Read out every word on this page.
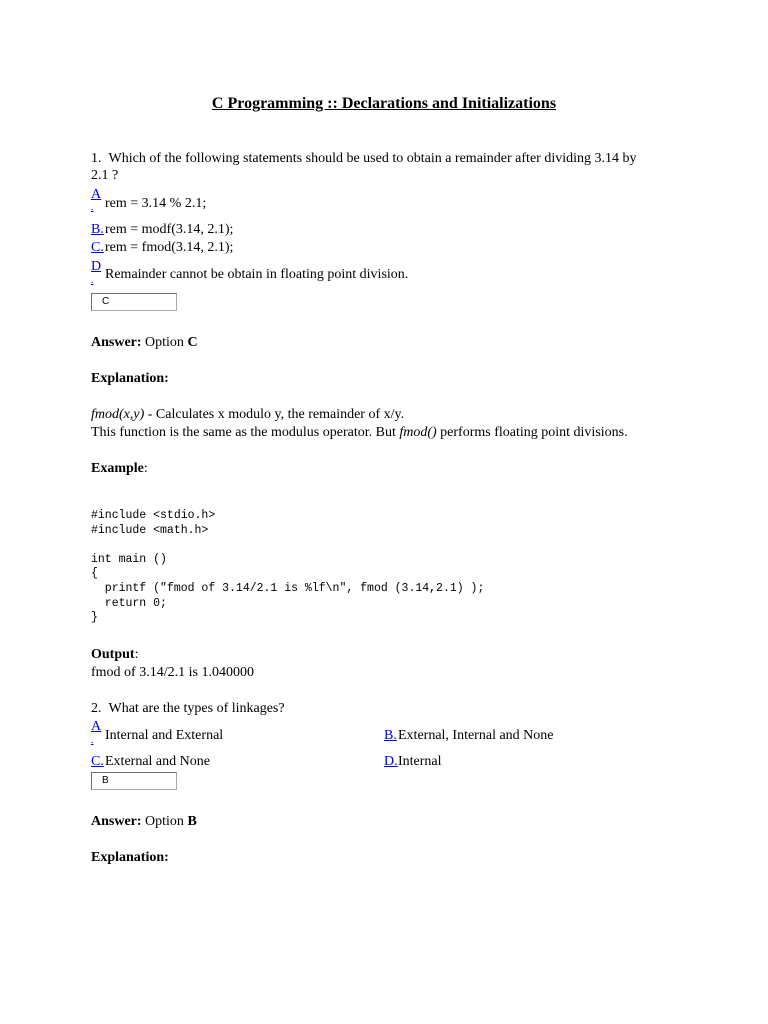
C Programming :: Declarations and Initializations
1. Which of the following statements should be used to obtain a remainder after dividing 3.14 by
2.1 ?
A
. rem = 3.14 % 2.1;
B. rem = modf(3.14, 2.1);
C. rem = fmod(3.14, 2.1);
D
. Remainder cannot be obtain in floating point division.
C
Answer: Option C
Explanation:
fmod(x,y) - Calculates x modulo y, the remainder of x/y.
This function is the same as the modulus operator. But fmod() performs floating point divisions.
Example:
#include <stdio.h>
#include <math.h>

int main ()
{
printf ("fmod of 3.14/2.1 is %lf\n", fmod (3.14,2.1) );
return 0;
}
Output:
fmod of 3.14/2.1 is 1.040000
2. What are the types of linkages?
A
. Internal and External	B. External, Internal and None
C. External and None	D. Internal
B
Answer: Option B
Explanation:
